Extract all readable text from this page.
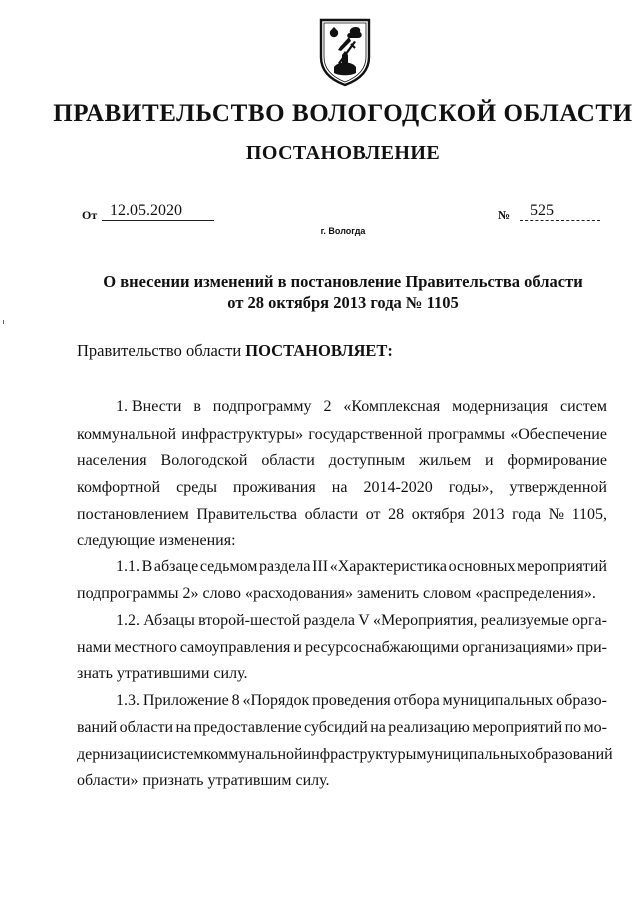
ПРАВИТЕЛЬСТВО ВОЛОГОДСКОЙ ОБЛАСТИ
ПОСТАНОВЛЕНИЕ
От 12.05.2020	№	525
г. Вологда
О внесении изменений в постановление Правительства области
от 28 октября 2013 года № 1105
Правительство области ПОСТАНОВЛЯЕТ:
1. Внести в подпрограмму 2 «Комплексная модернизация систем
коммунальной инфраструктуры» государственной программы «Обеспечение
населения Вологодской области доступным жильем и формирование
комфортной среды проживания на 2014-2020 годы», утвержденной
постановлением Правительства области от 28 октября 2013 года № 1105,
следующие изменения:
1.1. В абзаце седьмом раздела III «Характеристика основных мероприятий
подпрограммы 2» слово «расходования» заменить словом «распределения».
1.2. Абзацы второй-шестой раздела V «Мероприятия, реализуемые орга-
нами местного самоуправления и ресурсоснабжающими организациями» при-
знать утратившими силу.
1.3. Приложение 8 «Порядок проведения отбора муниципальных образо-
ваний области на предоставление субсидий на реализацию мероприятий по мо-
дернизации систем коммунальной инфраструктуры муниципальных образований
области» признать утратившим силу.
